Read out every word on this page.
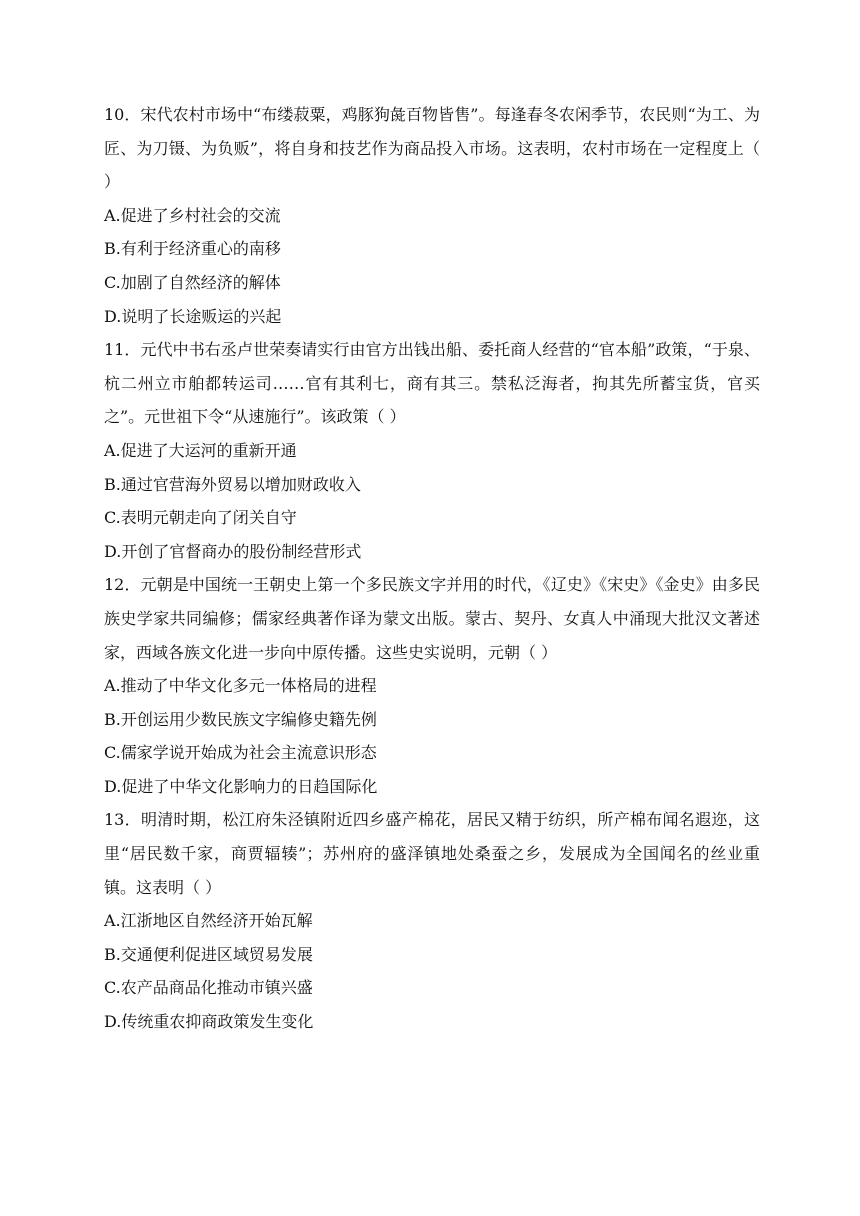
10．宋代农村市场中“布缕菽粟，鸡豚狗彘百物皆售”。每逢春冬农闲季节，农民则“为工、为匠、为刀镊、为负贩”，将自身和技艺作为商品投入市场。这表明，农村市场在一定程度上（ ）

A.促进了乡村社会的交流

B.有利于经济重心的南移

C.加剧了自然经济的解体

D.说明了长途贩运的兴起

11．元代中书右丞卢世荣奏请实行由官方出钱出船、委托商人经营的“官本船”政策，“于泉、杭二州立市舶都转运司……官有其利七，商有其三。禁私泛海者，拘其先所蓄宝货，官买之”。元世祖下令“从速施行”。该政策（ ）

A.促进了大运河的重新开通

B.通过官营海外贸易以增加财政收入

C.表明元朝走向了闭关自守

D.开创了官督商办的股份制经营形式

12．元朝是中国统一王朝史上第一个多民族文字并用的时代，《辽史》《宋史》《金史》由多民族史学家共同编修；儒家经典著作译为蒙文出版。蒙古、契丹、女真人中涌现大批汉文著述家，西域各族文化进一步向中原传播。这些史实说明，元朝（ ）

A.推动了中华文化多元一体格局的进程

B.开创运用少数民族文字编修史籍先例

C.儒家学说开始成为社会主流意识形态

D.促进了中华文化影响力的日趋国际化

13．明清时期，松江府朱泾镇附近四乡盛产棉花，居民又精于纺织，所产棉布闻名遐迩，这里“居民数千家，商贾辐辏”；苏州府的盛泽镇地处桑蚕之乡，发展成为全国闻名的丝业重镇。这表明（ ）

A.江浙地区自然经济开始瓦解

B.交通便利促进区域贸易发展

C.农产品商品化推动市镇兴盛

D.传统重农抑商政策发生变化
